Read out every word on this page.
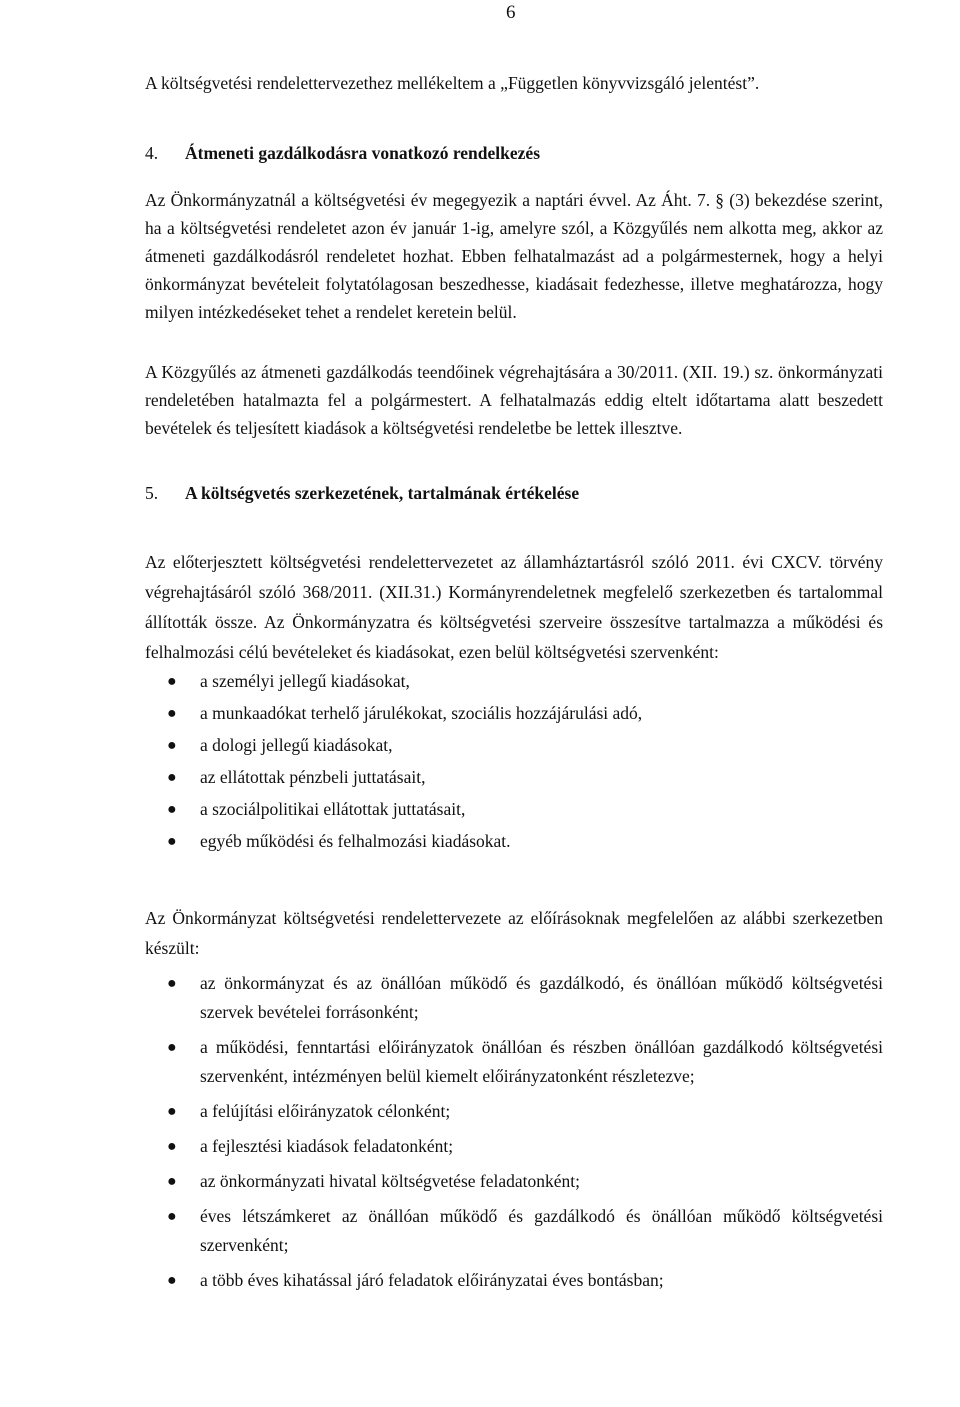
6

A költségvetési rendelettervezethez mellékeltem a „Független könyvvizsgáló jelentést”.

4.	Átmeneti gazdálkodásra vonatkozó rendelkezés

Az Önkormányzatnál a költségvetési év megegyezik a naptári évvel. Az Áht. 7. § (3) bekezdése szerint, ha a költségvetési rendeletet azon év január 1-ig, amelyre szól, a Közgyűlés nem alkotta meg, akkor az átmeneti gazdálkodásról rendeletet hozhat. Ebben felhatalmazást ad a polgármesternek, hogy a helyi önkormányzat bevételeit folytatólagosan beszedhesse, kiadásait fedezhesse, illetve meghatározza, hogy milyen intézkedéseket tehet a rendelet keretein belül.

A Közgyűlés az átmeneti gazdálkodás teendőinek végrehajtására a 30/2011. (XII. 19.) sz. önkormányzati rendeletében hatalmazta fel a polgármestert. A felhatalmazás eddig eltelt időtartama alatt beszedett bevételek és teljesített kiadások a költségvetési rendeletbe be lettek illesztve.

5.	A költségvetés szerkezetének, tartalmának értékelése

Az előterjesztett költségvetési rendelettervezetet az államháztartásról szóló 2011. évi CXCV. törvény végrehajtásáról szóló 368/2011. (XII.31.) Kormányrendeletnek megfelelő szerkezetben és tartalommal állították össze. Az Önkormányzatra és költségvetési szerveire összesítve tartalmazza a működési és felhalmozási célú bevételeket és kiadásokat, ezen belül költségvetési szervenként:

● a személyi jellegű kiadásokat,
● a munkaadókat terhelő járulékokat, szociális hozzájárulási adó,
● a dologi jellegű kiadásokat,
● az ellátottak pénzbeli juttatásait,
● a szociálpolitikai ellátottak juttatásait,
● egyéb működési és felhalmozási kiadásokat.

Az Önkormányzat költségvetési rendelettervezete az előírásoknak megfelelően az alábbi szerkezetben készült:

● az önkormányzat és az önállóan működő és gazdálkodó, és önállóan működő költségvetési szervek bevételei forrásonként;
● a működési, fenntartási előirányzatok önállóan és részben önállóan gazdálkodó költségvetési szervenként, intézményen belül kiemelt előirányzatonként részletezve;
● a felújítási előirányzatok célonként;
● a fejlesztési kiadások feladatonként;
● az önkormányzati hivatal költségvetése feladatonként;
● éves létszámkeret az önállóan működő és gazdálkodó és önállóan működő költségvetési szervenként;
● a több éves kihatással járó feladatok előirányzatai éves bontásban;
